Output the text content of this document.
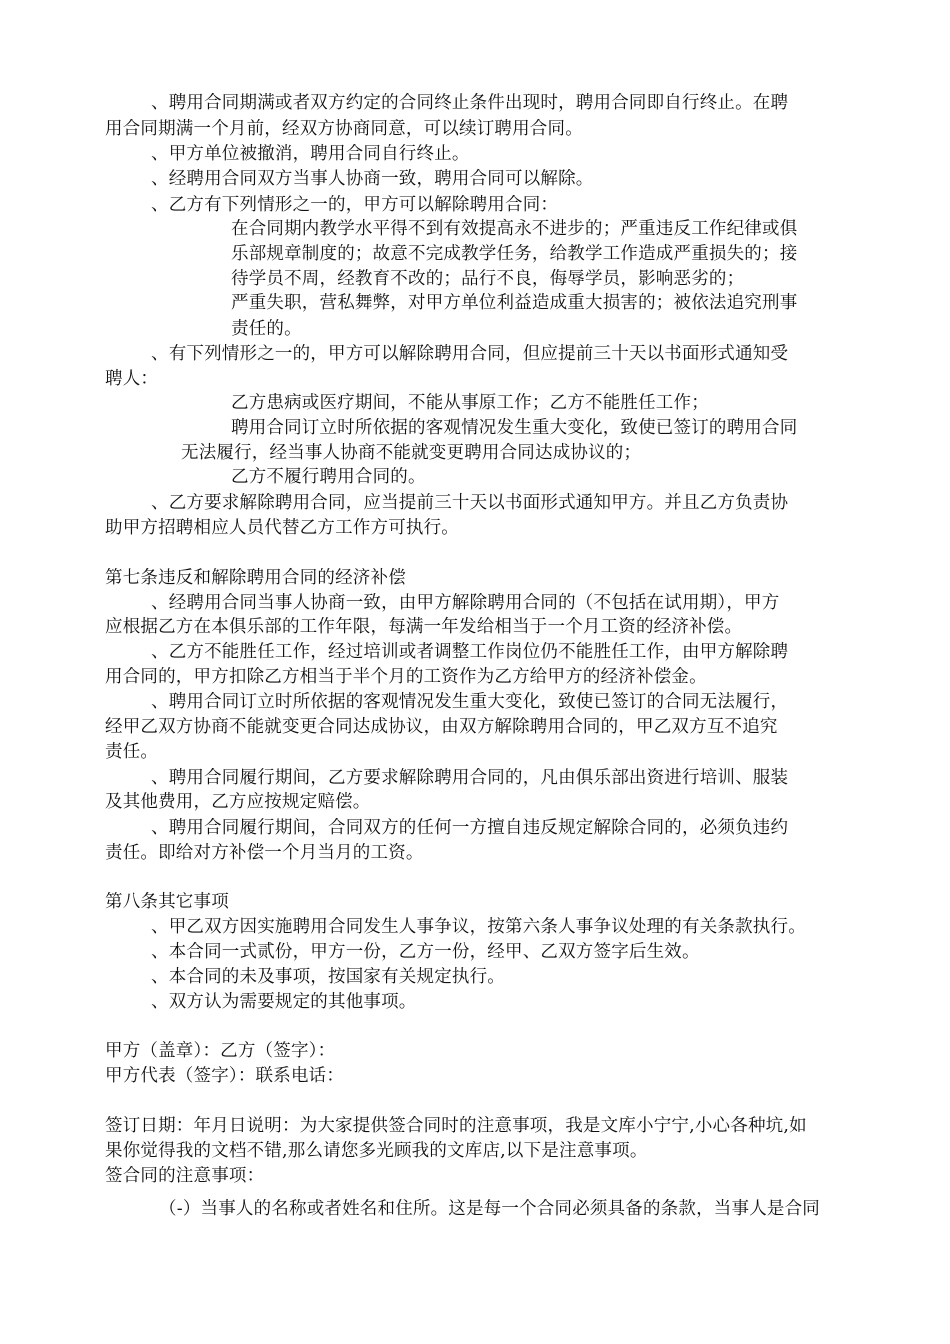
、聘用合同期满或者双方约定的合同终止条件出现时，聘用合同即自行终止。在聘
用合同期满一个月前，经双方协商同意，可以续订聘用合同。
、甲方单位被撤消，聘用合同自行终止。
、经聘用合同双方当事人协商一致，聘用合同可以解除。
、乙方有下列情形之一的，甲方可以解除聘用合同：
在合同期内教学水平得不到有效提高永不进步的；严重违反工作纪律或俱
乐部规章制度的；故意不完成教学任务，给教学工作造成严重损失的；接
待学员不周，经教育不改的；品行不良，侮辱学员，影响恶劣的；
严重失职，营私舞弊，对甲方单位利益造成重大损害的；被依法追究刑事
责任的。
、有下列情形之一的，甲方可以解除聘用合同，但应提前三十天以书面形式通知受
聘人：
乙方患病或医疗期间，不能从事原工作；乙方不能胜任工作；
聘用合同订立时所依据的客观情况发生重大变化，致使已签订的聘用合同
无法履行，经当事人协商不能就变更聘用合同达成协议的；
乙方不履行聘用合同的。
、乙方要求解除聘用合同，应当提前三十天以书面形式通知甲方。并且乙方负责协
助甲方招聘相应人员代替乙方工作方可执行。
第七条违反和解除聘用合同的经济补偿
、经聘用合同当事人协商一致，由甲方解除聘用合同的（不包括在试用期），甲方
应根据乙方在本俱乐部的工作年限，每满一年发给相当于一个月工资的经济补偿。
、乙方不能胜任工作，经过培训或者调整工作岗位仍不能胜任工作，由甲方解除聘
用合同的，甲方扣除乙方相当于半个月的工资作为乙方给甲方的经济补偿金。
、聘用合同订立时所依据的客观情况发生重大变化，致使已签订的合同无法履行，
经甲乙双方协商不能就变更合同达成协议，由双方解除聘用合同的，甲乙双方互不追究
责任。
、聘用合同履行期间，乙方要求解除聘用合同的，凡由俱乐部出资进行培训、服装
及其他费用，乙方应按规定赔偿。
、聘用合同履行期间，合同双方的任何一方擅自违反规定解除合同的，必须负违约
责任。即给对方补偿一个月当月的工资。
第八条其它事项
、甲乙双方因实施聘用合同发生人事争议，按第六条人事争议处理的有关条款执行。
、本合同一式贰份，甲方一份，乙方一份，经甲、乙双方签字后生效。
、本合同的未及事项，按国家有关规定执行。
、双方认为需要规定的其他事项。
甲方（盖章）：乙方（签字）：
甲方代表（签字）：联系电话：
签订日期：年月日说明：为大家提供签合同时的注意事项，我是文库小宁宁,小心各种坑,如
果你觉得我的文档不错,那么请您多光顾我的文库店,以下是注意事项。
签合同的注意事项：
（-）当事人的名称或者姓名和住所。这是每一个合同必须具备的条款，当事人是合同
